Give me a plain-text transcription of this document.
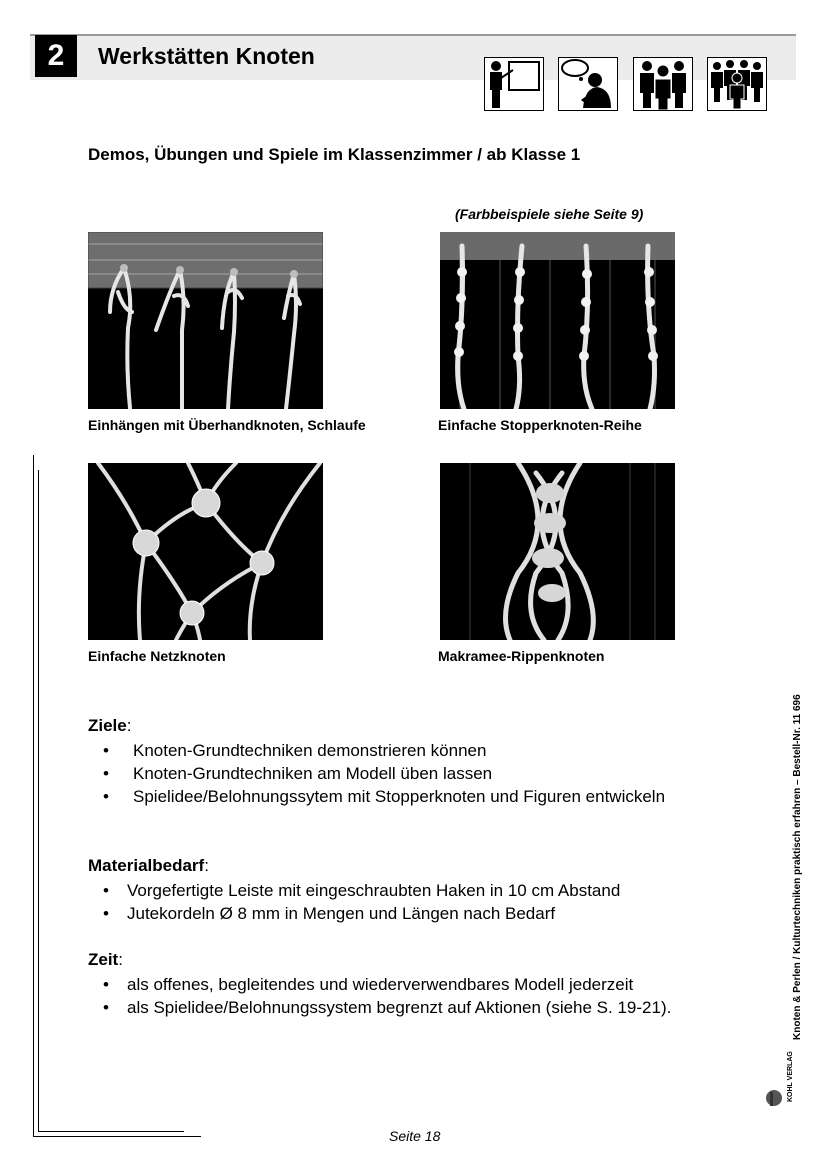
2	Werkstätten Knoten
Demos, Übungen und Spiele im Klassenzimmer / ab Klasse 1
(Farbbeispiele siehe Seite 9)
Einhängen mit Überhandknoten, Schlaufe	Einfache Stopperknoten-Reihe
Einfache Netzknoten	Makramee-Rippenknoten
Ziele:
• Knoten-Grundtechniken demonstrieren können
• Knoten-Grundtechniken am Modell üben lassen
• Spielidee/Belohnungssytem mit Stopperknoten und Figuren entwickeln
Materialbedarf:
• Vorgefertigte Leiste mit eingeschraubten Haken in 10 cm Abstand
• Jutekordeln Ø 8 mm in Mengen und Längen nach Bedarf
Zeit:
• als offenes, begleitendes und wiederverwendbares Modell jederzeit
• als Spielidee/Belohnungssystem begrenzt auf Aktionen (siehe S. 19-21).	Knoten & Perlen / Kulturtechniken praktisch erfahren – Bestell-Nr. 11 696
KOHL VERLAG
Seite 18
